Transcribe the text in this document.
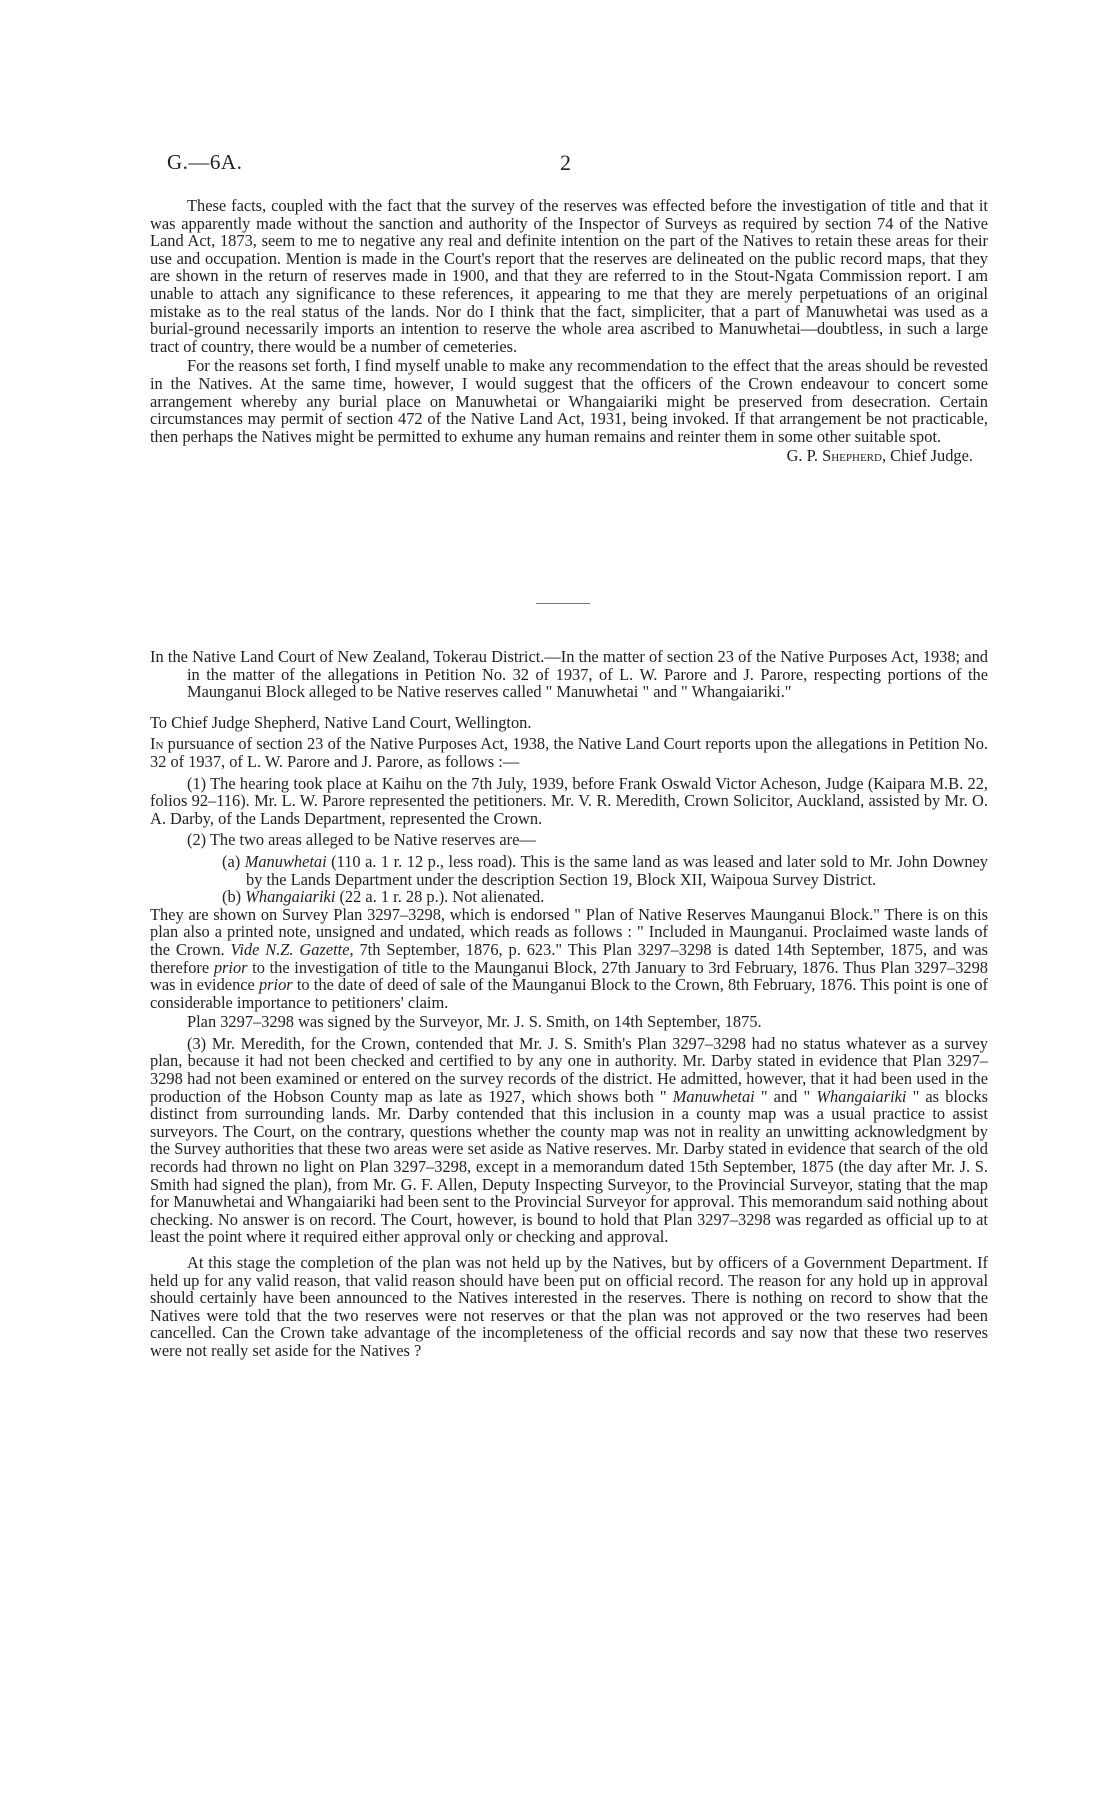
G.—6A.	2

These facts, coupled with the fact that the survey of the reserves was effected before the investigation of title and that it was apparently made without the sanction and authority of the Inspector of Surveys as required by section 74 of the Native Land Act, 1873, seem to me to negative any real and definite intention on the part of the Natives to retain these areas for their use and occupation. Mention is made in the Court's report that the reserves are delineated on the public record maps, that they are shown in the return of reserves made in 1900, and that they are referred to in the Stout-Ngata Commission report. I am unable to attach any significance to these references, it appearing to me that they are merely perpetuations of an original mistake as to the real status of the lands. Nor do I think that the fact, simpliciter, that a part of Manuwhetai was used as a burial-ground necessarily imports an intention to reserve the whole area ascribed to Manuwhetai—doubtless, in such a large tract of country, there would be a number of cemeteries.

For the reasons set forth, I find myself unable to make any recommendation to the effect that the areas should be revested in the Natives. At the same time, however, I would suggest that the officers of the Crown endeavour to concert some arrangement whereby any burial place on Manuwhetai or Whangaiariki might be preserved from desecration. Certain circumstances may permit of section 472 of the Native Land Act, 1931, being invoked. If that arrangement be not practicable, then perhaps the Natives might be permitted to exhume any human remains and reinter them in some other suitable spot.

G. P. Shepherd, Chief Judge.

In the Native Land Court of New Zealand, Tokerau District.—In the matter of section 23 of the Native Purposes Act, 1938; and in the matter of the allegations in Petition No. 32 of 1937, of L. W. Parore and J. Parore, respecting portions of the Maunganui Block alleged to be Native reserves called " Manuwhetai " and " Whangaiariki."

To Chief Judge Shepherd, Native Land Court, Wellington.

In pursuance of section 23 of the Native Purposes Act, 1938, the Native Land Court reports upon the allegations in Petition No. 32 of 1937, of L. W. Parore and J. Parore, as follows :—

(1) The hearing took place at Kaihu on the 7th July, 1939, before Frank Oswald Victor Acheson, Judge (Kaipara M.B. 22, folios 92–116). Mr. L. W. Parore represented the petitioners. Mr. V. R. Meredith, Crown Solicitor, Auckland, assisted by Mr. O. A. Darby, of the Lands Department, represented the Crown.

(2) The two areas alleged to be Native reserves are—

(a) Manuwhetai (110 a. 1 r. 12 p., less road). This is the same land as was leased and later sold to Mr. John Downey by the Lands Department under the description Section 19, Block XII, Waipoua Survey District.

(b) Whangaiariki (22 a. 1 r. 28 p.). Not alienated.

They are shown on Survey Plan 3297–3298, which is endorsed " Plan of Native Reserves Maunganui Block." There is on this plan also a printed note, unsigned and undated, which reads as follows : " Included in Maunganui. Proclaimed waste lands of the Crown. Vide N.Z. Gazette, 7th September, 1876, p. 623." This Plan 3297–3298 is dated 14th September, 1875, and was therefore prior to the investigation of title to the Maunganui Block, 27th January to 3rd February, 1876. Thus Plan 3297–3298 was in evidence prior to the date of deed of sale of the Maunganui Block to the Crown, 8th February, 1876. This point is one of considerable importance to petitioners' claim.

Plan 3297–3298 was signed by the Surveyor, Mr. J. S. Smith, on 14th September, 1875.

(3) Mr. Meredith, for the Crown, contended that Mr. J. S. Smith's Plan 3297–3298 had no status whatever as a survey plan, because it had not been checked and certified to by any one in authority. Mr. Darby stated in evidence that Plan 3297–3298 had not been examined or entered on the survey records of the district. He admitted, however, that it had been used in the production of the Hobson County map as late as 1927, which shows both " Manuwhetai " and " Whangaiariki " as blocks distinct from surrounding lands. Mr. Darby contended that this inclusion in a county map was a usual practice to assist surveyors. The Court, on the contrary, questions whether the county map was not in reality an unwitting acknowledgment by the Survey authorities that these two areas were set aside as Native reserves. Mr. Darby stated in evidence that search of the old records had thrown no light on Plan 3297–3298, except in a memorandum dated 15th September, 1875 (the day after Mr. J. S. Smith had signed the plan), from Mr. G. F. Allen, Deputy Inspecting Surveyor, to the Provincial Surveyor, stating that the map for Manuwhetai and Whangaiariki had been sent to the Provincial Surveyor for approval. This memorandum said nothing about checking. No answer is on record. The Court, however, is bound to hold that Plan 3297–3298 was regarded as official up to at least the point where it required either approval only or checking and approval.

At this stage the completion of the plan was not held up by the Natives, but by officers of a Government Department. If held up for any valid reason, that valid reason should have been put on official record. The reason for any hold up in approval should certainly have been announced to the Natives interested in the reserves. There is nothing on record to show that the Natives were told that the two reserves were not reserves or that the plan was not approved or the two reserves had been cancelled. Can the Crown take advantage of the incompleteness of the official records and say now that these two reserves were not really set aside for the Natives ?
